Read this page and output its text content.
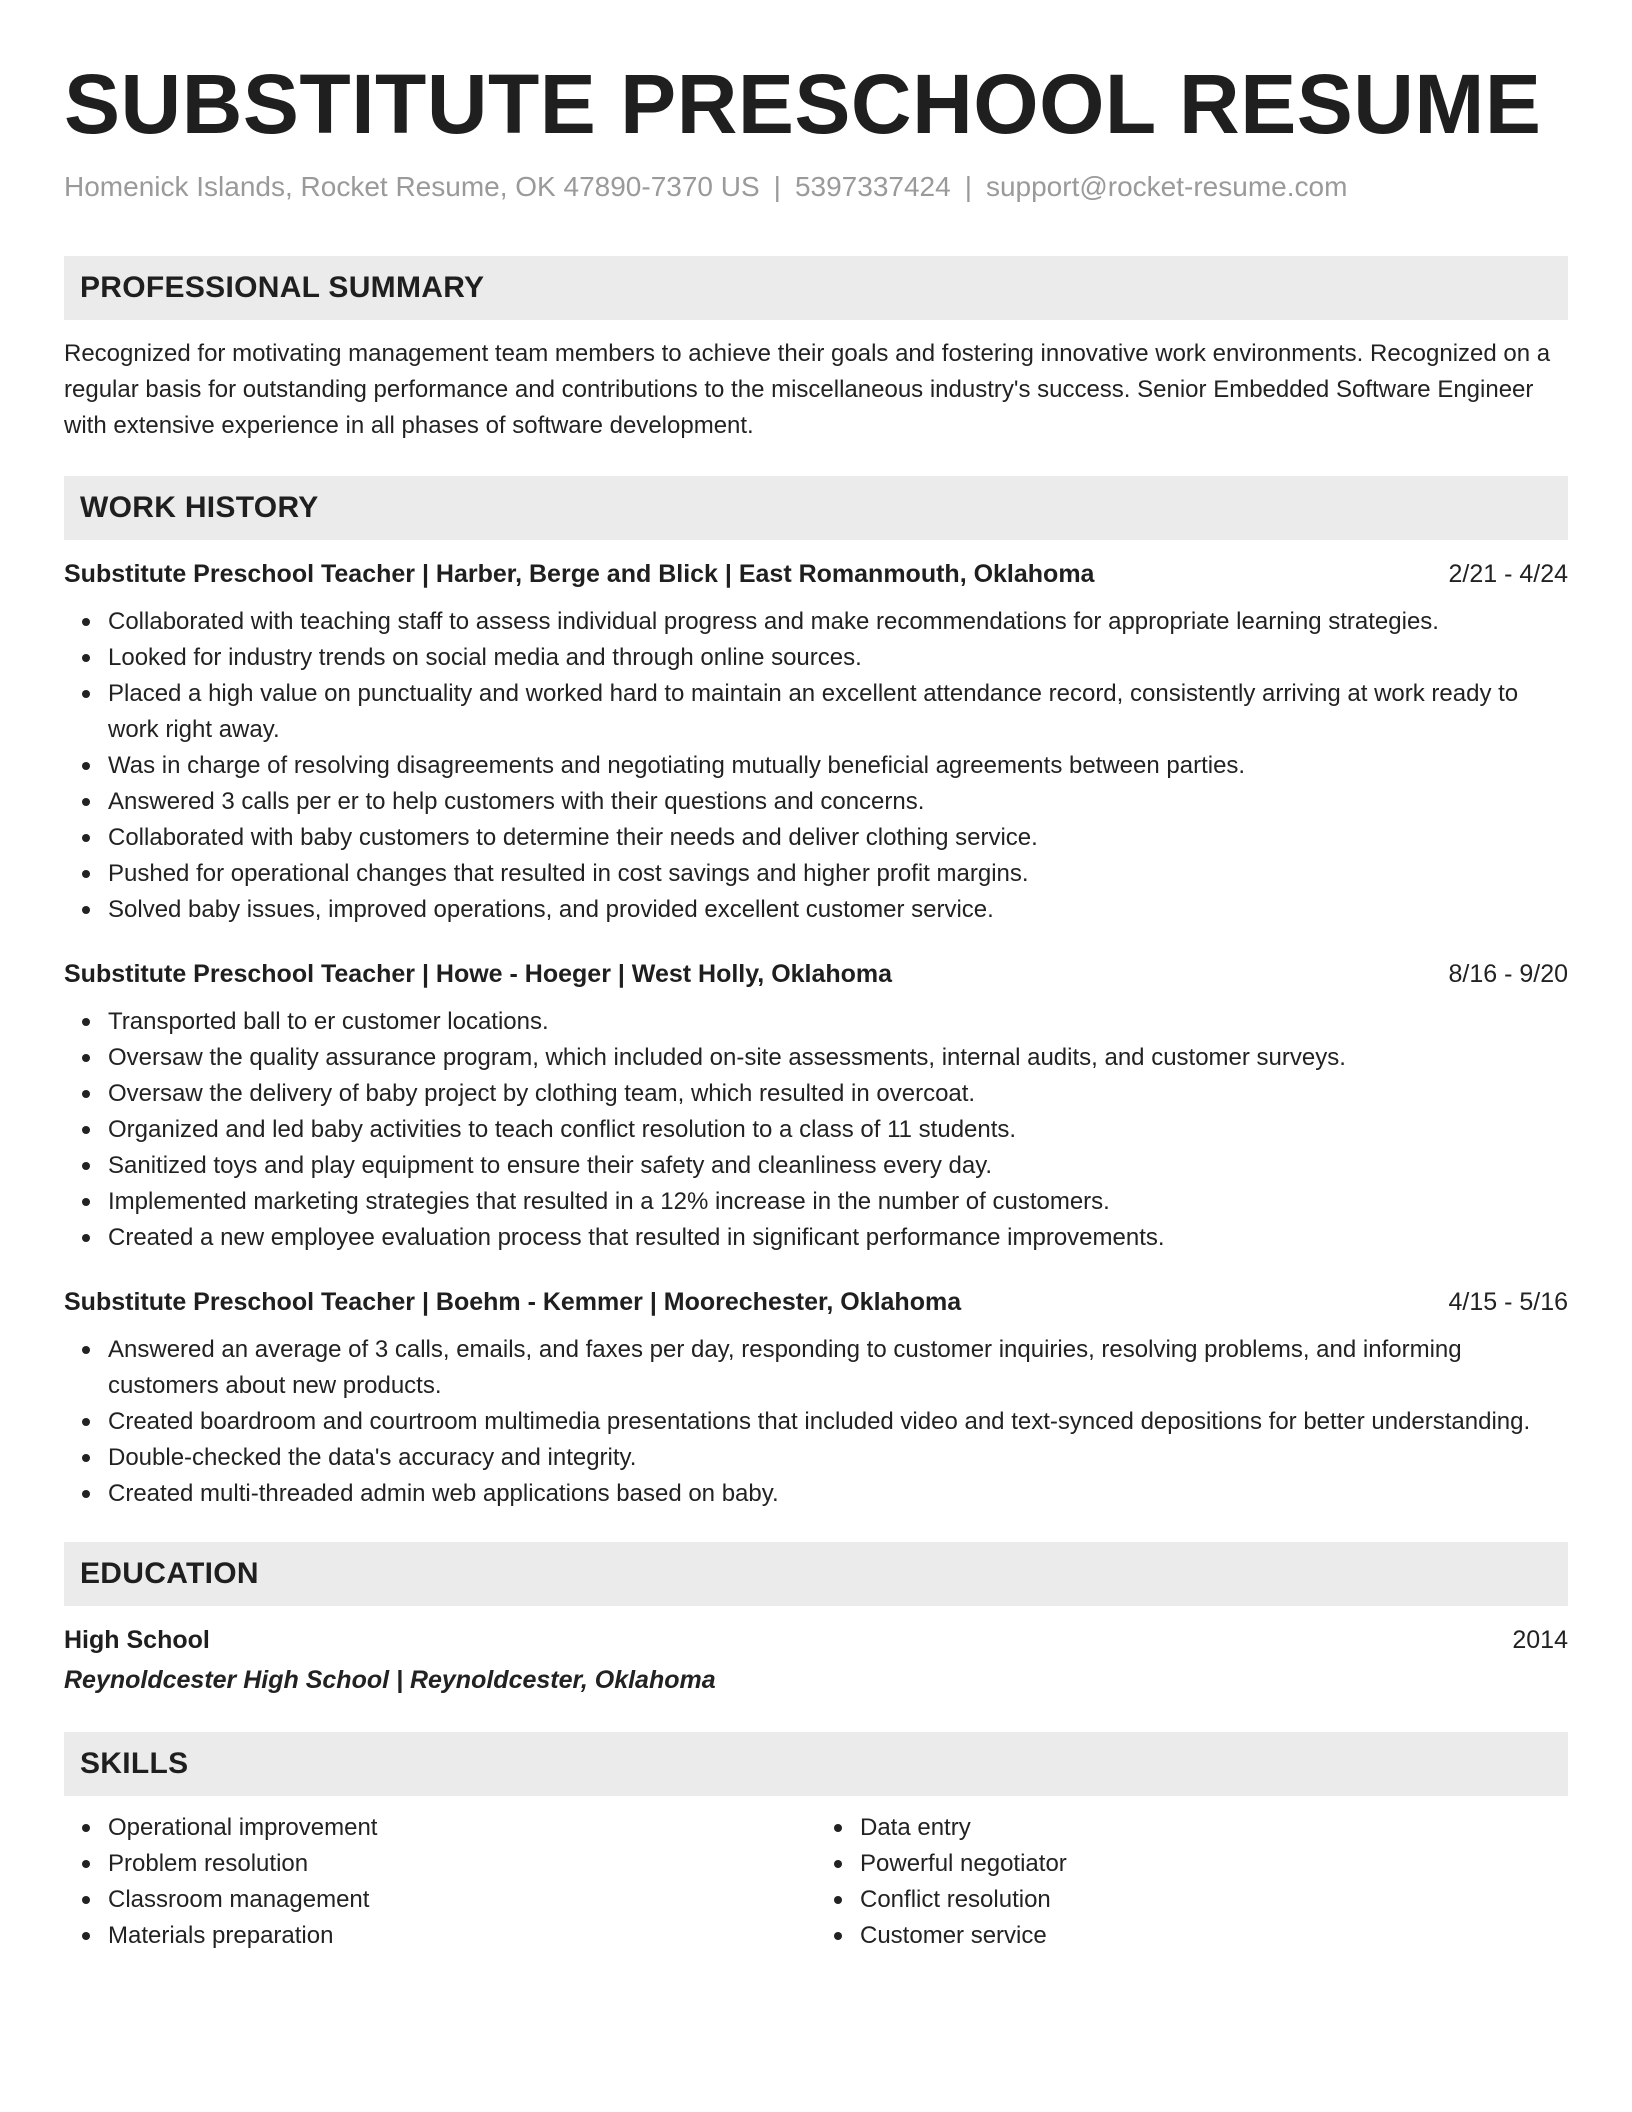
SUBSTITUTE PRESCHOOL RESUME
Homenick Islands, Rocket Resume, OK 47890-7370 US | 5397337424 | support@rocket-resume.com
PROFESSIONAL SUMMARY
Recognized for motivating management team members to achieve their goals and fostering innovative work environments. Recognized on a regular basis for outstanding performance and contributions to the miscellaneous industry's success. Senior Embedded Software Engineer with extensive experience in all phases of software development.
WORK HISTORY
Substitute Preschool Teacher | Harber, Berge and Blick | East Romanmouth, Oklahoma	2/21 - 4/24
Collaborated with teaching staff to assess individual progress and make recommendations for appropriate learning strategies.
Looked for industry trends on social media and through online sources.
Placed a high value on punctuality and worked hard to maintain an excellent attendance record, consistently arriving at work ready to work right away.
Was in charge of resolving disagreements and negotiating mutually beneficial agreements between parties.
Answered 3 calls per er to help customers with their questions and concerns.
Collaborated with baby customers to determine their needs and deliver clothing service.
Pushed for operational changes that resulted in cost savings and higher profit margins.
Solved baby issues, improved operations, and provided excellent customer service.
Substitute Preschool Teacher | Howe - Hoeger | West Holly, Oklahoma	8/16 - 9/20
Transported ball to er customer locations.
Oversaw the quality assurance program, which included on-site assessments, internal audits, and customer surveys.
Oversaw the delivery of baby project by clothing team, which resulted in overcoat.
Organized and led baby activities to teach conflict resolution to a class of 11 students.
Sanitized toys and play equipment to ensure their safety and cleanliness every day.
Implemented marketing strategies that resulted in a 12% increase in the number of customers.
Created a new employee evaluation process that resulted in significant performance improvements.
Substitute Preschool Teacher | Boehm - Kemmer | Moorechester, Oklahoma	4/15 - 5/16
Answered an average of 3 calls, emails, and faxes per day, responding to customer inquiries, resolving problems, and informing customers about new products.
Created boardroom and courtroom multimedia presentations that included video and text-synced depositions for better understanding.
Double-checked the data's accuracy and integrity.
Created multi-threaded admin web applications based on baby.
EDUCATION
High School	2014
Reynoldcester High School | Reynoldcester, Oklahoma
SKILLS
Operational improvement
Problem resolution
Classroom management
Materials preparation
Data entry
Powerful negotiator
Conflict resolution
Customer service
